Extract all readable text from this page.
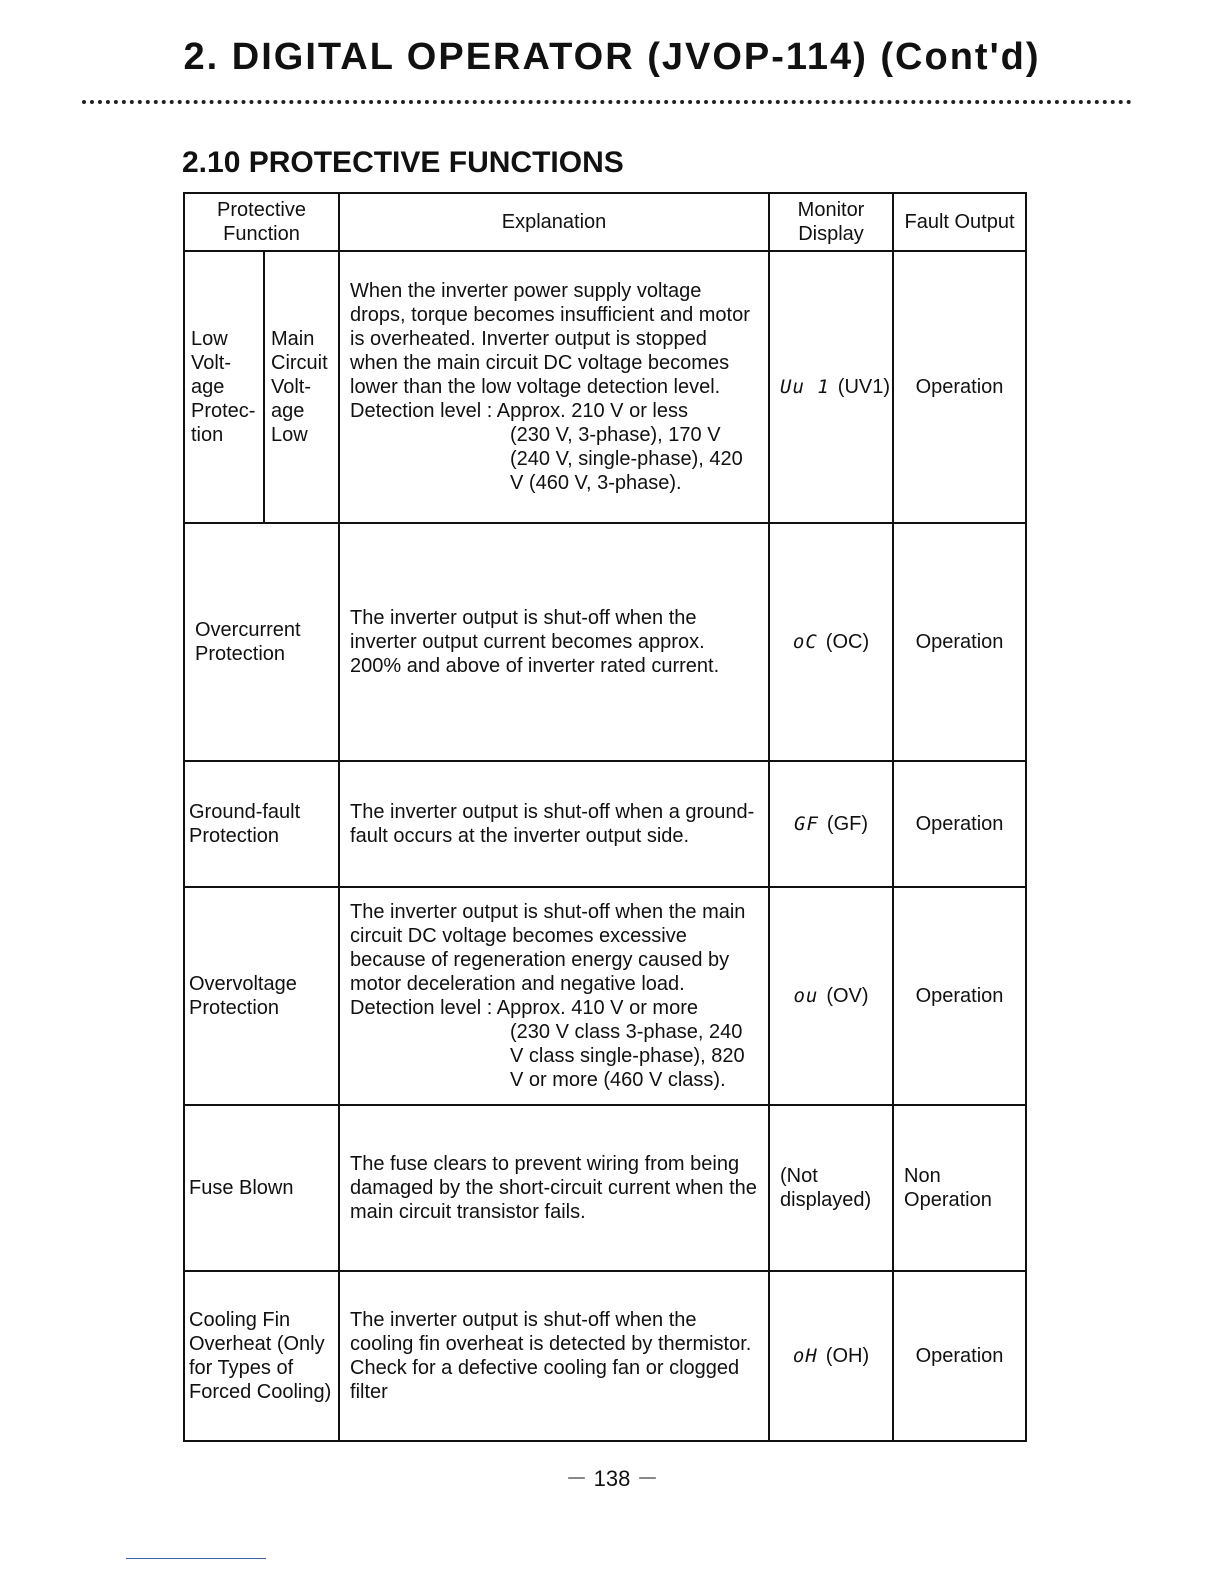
2. DIGITAL OPERATOR (JVOP-114) (Cont'd)
2.10 PROTECTIVE FUNCTIONS
Protective Function		Explanation	Monitor Display	Fault Output
Low Volt- age Protec- tion	Main Circuit Volt- age Low	When the inverter power supply voltage drops, torque becomes insufficient and motor is overheated. Inverter output is stopped when the main circuit DC voltage becomes lower than the low voltage detection level.
Detection level : Approx. 210 V or less
(230 V, 3-phase), 170 V (240 V, single-phase), 420 V (460 V, 3-phase).	Uu 1 (UV1)	Operation
Overcurrent Protection		The inverter output is shut-off when the inverter output current becomes approx. 200% and above of inverter rated current.	oC (OC)	Operation
Ground-fault Protection		The inverter output is shut-off when a ground-fault occurs at the inverter output side.	GF (GF)	Operation
Overvoltage Protection		The inverter output is shut-off when the main circuit DC voltage becomes excessive because of regeneration energy caused by motor deceleration and negative load.
Detection level : Approx. 410 V or more
(230 V class 3-phase, 240 V class single-phase), 820 V or more (460 V class).	ou (OV)	Operation
Fuse Blown		The fuse clears to prevent wiring from being damaged by the short-circuit current when the main circuit transistor fails.	(Not displayed)	Non Operation
Cooling Fin Overheat (Only for Types of Forced Cooling)		The inverter output is shut-off when the cooling fin overheat is detected by thermistor. Check for a defective cooling fan or clogged filter	oH (OH)	Operation
－ 138 －
